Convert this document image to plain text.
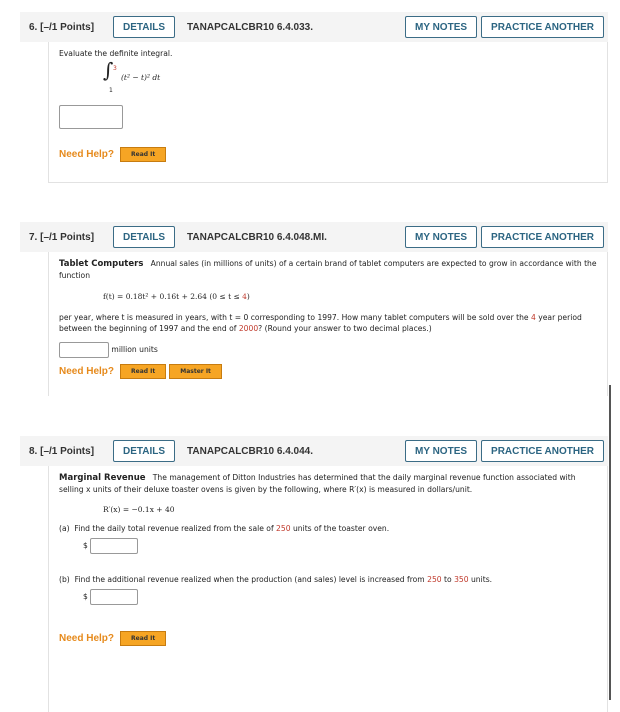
6. [–/1 Points]	DETAILS	TANAPCALCBR10 6.4.033.	MY NOTES	PRACTICE ANOTHER
Evaluate the definite integral.
∫ 3
1
(t² − t)² dt
Need Help?	Read It
7. [–/1 Points]	DETAILS	TANAPCALCBR10 6.4.048.MI.	MY NOTES	PRACTICE ANOTHER
Tablet Computers Annual sales (in millions of units) of a certain brand of tablet computers are expected to grow in accordance with the function
f(t) = 0.18t² + 0.16t + 2.64 (0 ≤ t ≤ 4)
per year, where t is measured in years, with t = 0 corresponding to 1997. How many tablet computers will be sold over the 4 year period between the beginning of 1997 and the end of 2000? (Round your answer to two decimal places.)
million units
Need Help?	Read It	Master It
8. [–/1 Points]	DETAILS	TANAPCALCBR10 6.4.044.	MY NOTES	PRACTICE ANOTHER
Marginal Revenue The management of Ditton Industries has determined that the daily marginal revenue function associated with selling x units of their deluxe toaster ovens is given by the following, where R′(x) is measured in dollars/unit.
R′(x) = −0.1x + 40
(a) Find the daily total revenue realized from the sale of 250 units of the toaster oven.
$
(b) Find the additional revenue realized when the production (and sales) level is increased from 250 to 350 units.
$
Need Help?	Read It
